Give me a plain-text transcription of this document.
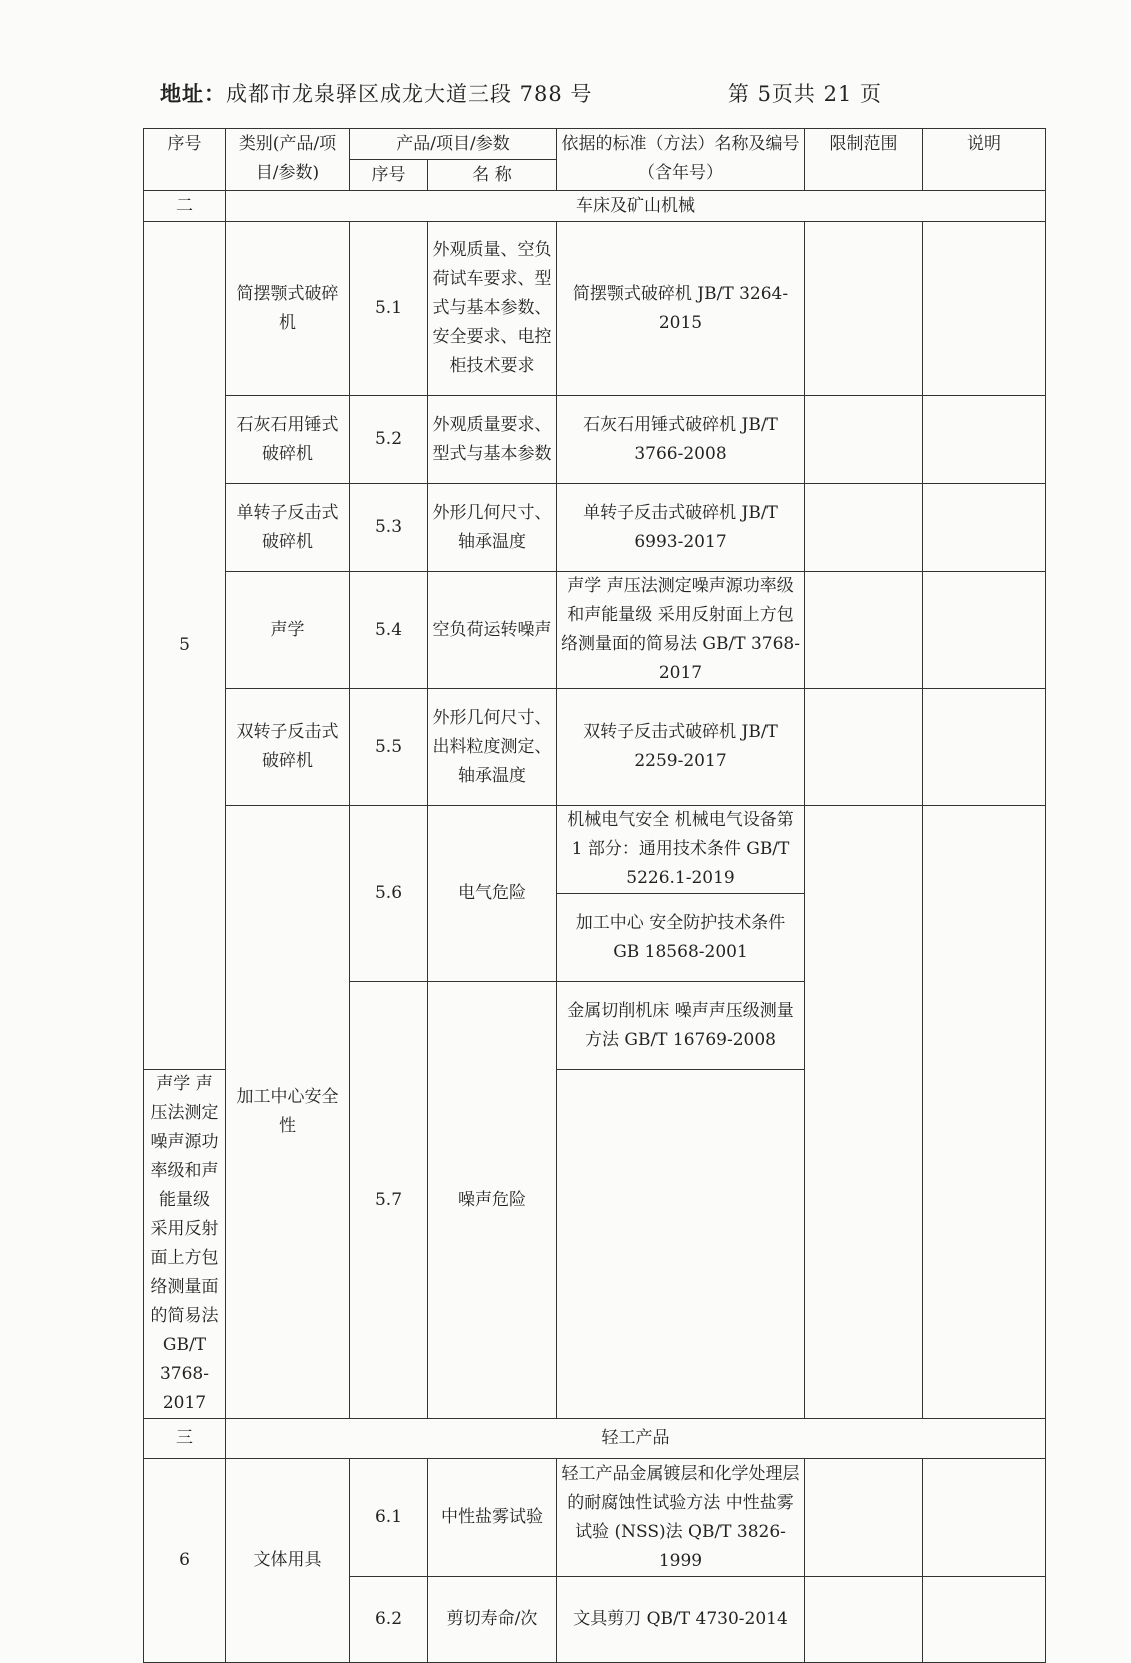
地址：成都市龙泉驿区成龙大道三段 788 号	第 5页共 21 页
序号	类别(产品/项目/参数)	产品/项目/参数		依据的标准（方法）名称及编号（含年号）	限制范围	说明
		序号	名 称			
二	车床及矿山机械					
5	简摆颚式破碎机	5.1	外观质量、空负荷试车要求、型式与基本参数、安全要求、电控柜技术要求	简摆颚式破碎机 JB/T 3264-2015		
	石灰石用锤式破碎机	5.2	外观质量要求、型式与基本参数	石灰石用锤式破碎机 JB/T 3766-2008		
	单转子反击式破碎机	5.3	外形几何尺寸、轴承温度	单转子反击式破碎机 JB/T 6993-2017		
	声学	5.4	空负荷运转噪声	声学 声压法测定噪声源功率级和声能量级 采用反射面上方包络测量面的简易法 GB/T 3768-2017		
	双转子反击式破碎机	5.5	外形几何尺寸、出料粒度测定、轴承温度	双转子反击式破碎机 JB/T 2259-2017		
	加工中心安全性	5.6	电气危险	机械电气安全 机械电气设备第 1 部分：通用技术条件 GB/T 5226.1-2019		
				加工中心 安全防护技术条件 GB 18568-2001		
		5.7	噪声危险	金属切削机床 噪声声压级测量方法 GB/T 16769-2008		
声学 声压法测定噪声源功率级和声能量级 采用反射面上方包络测量面的简易法 GB/T 3768-2017						
三	轻工产品					
6	文体用具	6.1	中性盐雾试验	轻工产品金属镀层和化学处理层的耐腐蚀性试验方法 中性盐雾试验 (NSS)法 QB/T 3826-1999		
		6.2	剪切寿命/次	文具剪刀 QB/T 4730-2014		
